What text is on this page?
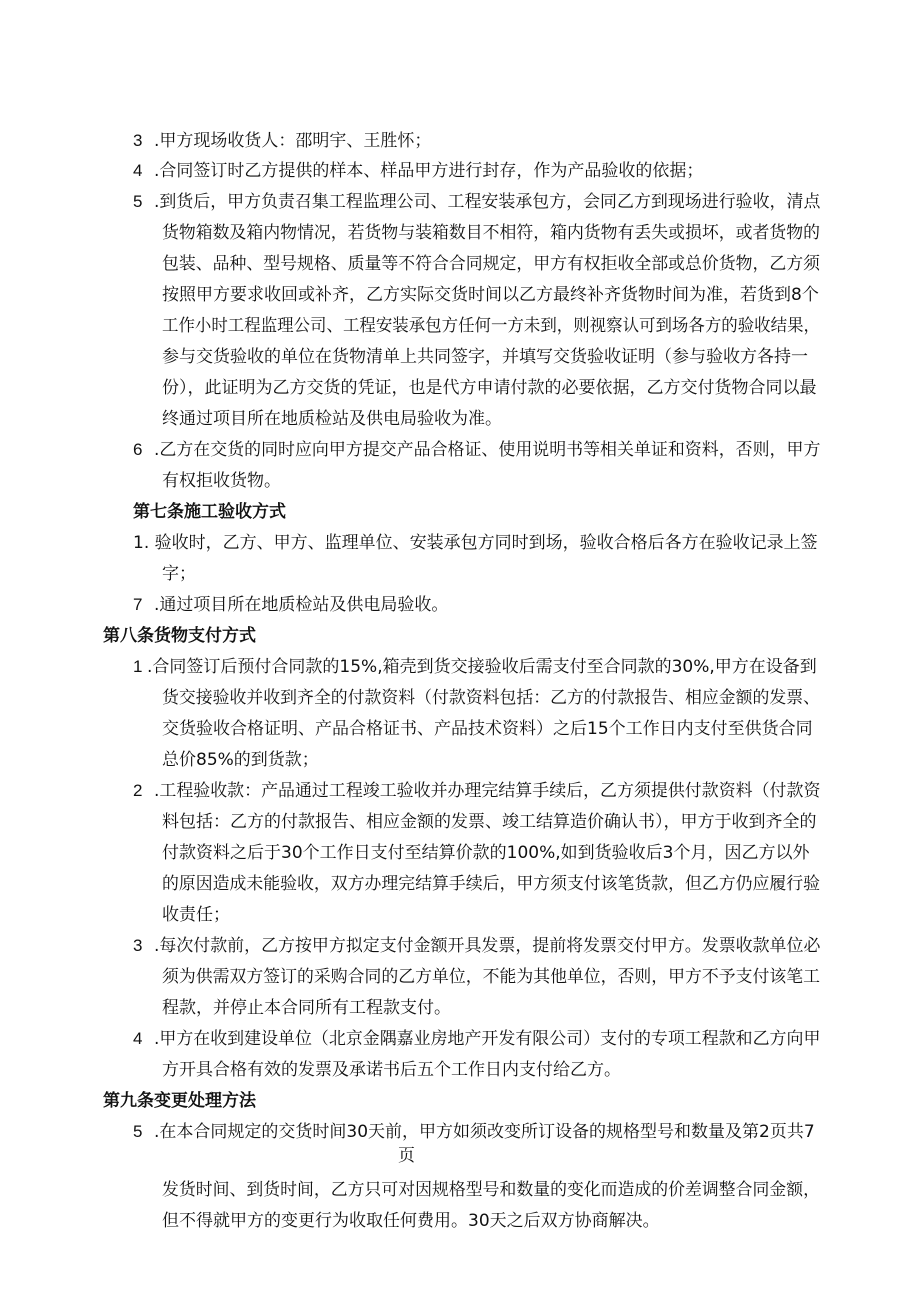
3 .甲方现场收货人：邵明宇、王胜怀；
4 .合同签订时乙方提供的样本、样品甲方进行封存，作为产品验收的依据；
5 .到货后，甲方负责召集工程监理公司、工程安装承包方，会同乙方到现场进行验收，清点
货物箱数及箱内物情况，若货物与装箱数目不相符，箱内货物有丢失或损坏，或者货物的
包装、品种、型号规格、质量等不符合合同规定，甲方有权拒收全部或总价货物，乙方须
按照甲方要求收回或补齐，乙方实际交货时间以乙方最终补齐货物时间为准，若货到8个
工作小时工程监理公司、工程安装承包方任何一方未到，则视察认可到场各方的验收结果，
参与交货验收的单位在货物清单上共同签字，并填写交货验收证明（参与验收方各持一
份），此证明为乙方交货的凭证，也是代方申请付款的必要依据，乙方交付货物合同以最
终通过项目所在地质检站及供电局验收为准。
6 .乙方在交货的同时应向甲方提交产品合格证、使用说明书等相关单证和资料，否则，甲方
有权拒收货物。
第七条施工验收方式
1. 验收时，乙方、甲方、监理单位、安装承包方同时到场，验收合格后各方在验收记录上签
字；
7 .通过项目所在地质检站及供电局验收。
第八条货物支付方式
1 .合同签订后预付合同款的15%,箱壳到货交接验收后需支付至合同款的30%,甲方在设备到
货交接验收并收到齐全的付款资料（付款资料包括：乙方的付款报告、相应金额的发票、
交货验收合格证明、产品合格证书、产品技术资料）之后15个工作日内支付至供货合同
总价85%的到货款；
2 .工程验收款：产品通过工程竣工验收并办理完结算手续后，乙方须提供付款资料（付款资
料包括：乙方的付款报告、相应金额的发票、竣工结算造价确认书），甲方于收到齐全的
付款资料之后于30个工作日支付至结算价款的100%,如到货验收后3个月，因乙方以外
的原因造成未能验收，双方办理完结算手续后，甲方须支付该笔货款，但乙方仍应履行验
收责任；
3 .每次付款前，乙方按甲方拟定支付金额开具发票，提前将发票交付甲方。发票收款单位必
须为供需双方签订的采购合同的乙方单位，不能为其他单位，否则，甲方不予支付该笔工
程款，并停止本合同所有工程款支付。
4 .甲方在收到建设单位（北京金隅嘉业房地产开发有限公司）支付的专项工程款和乙方向甲
方开具合格有效的发票及承诺书后五个工作日内支付给乙方。
第九条变更处理方法
5 .在本合同规定的交货时间30天前，甲方如须改变所订设备的规格型号和数量及第2页共7
页
发货时间、到货时间，乙方只可对因规格型号和数量的变化而造成的价差调整合同金额，
但不得就甲方的变更行为收取任何费用。30天之后双方协商解决。
